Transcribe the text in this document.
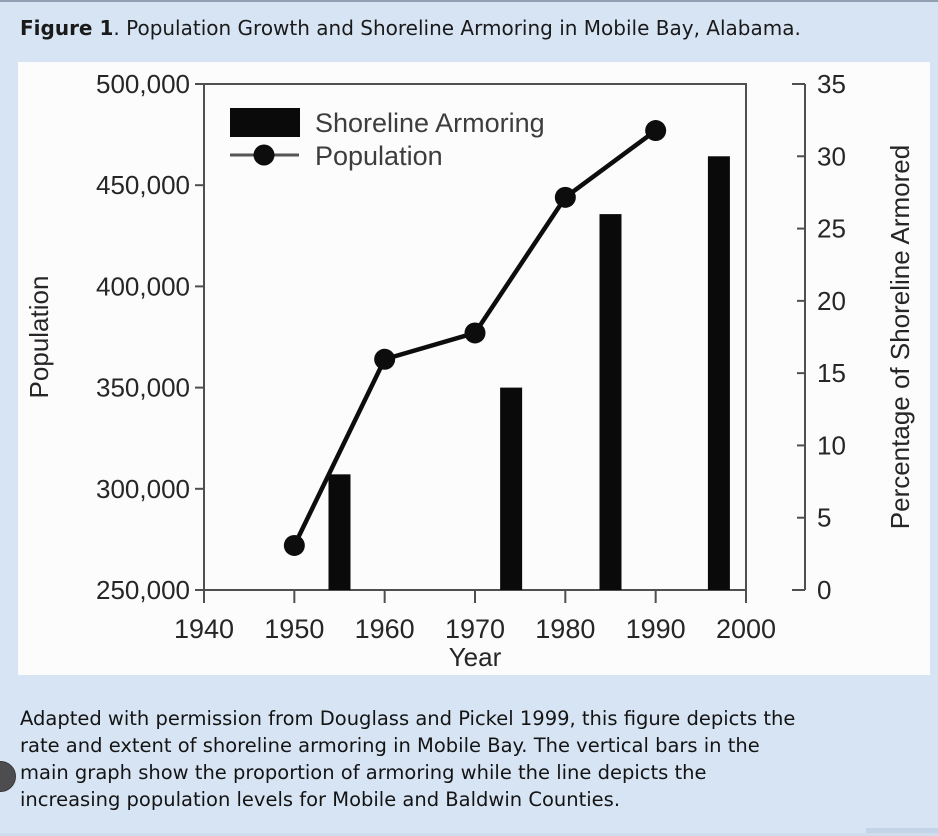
Figure 1. Population Growth and Shoreline Armoring in Mobile Bay, Alabama.
250,000
300,000
350,000
400,000
450,000
500,000
Population
1940 1950 1960 1970 1980 1990 2000
Year
0
5
10
15
20
25
30
35
Percentage of Shoreline Armored
Shoreline Armoring
Population
Adapted with permission from Douglass and Pickel 1999, this figure depicts the
rate and extent of shoreline armoring in Mobile Bay. The vertical bars in the
main graph show the proportion of armoring while the line depicts the
increasing population levels for Mobile and Baldwin Counties.
